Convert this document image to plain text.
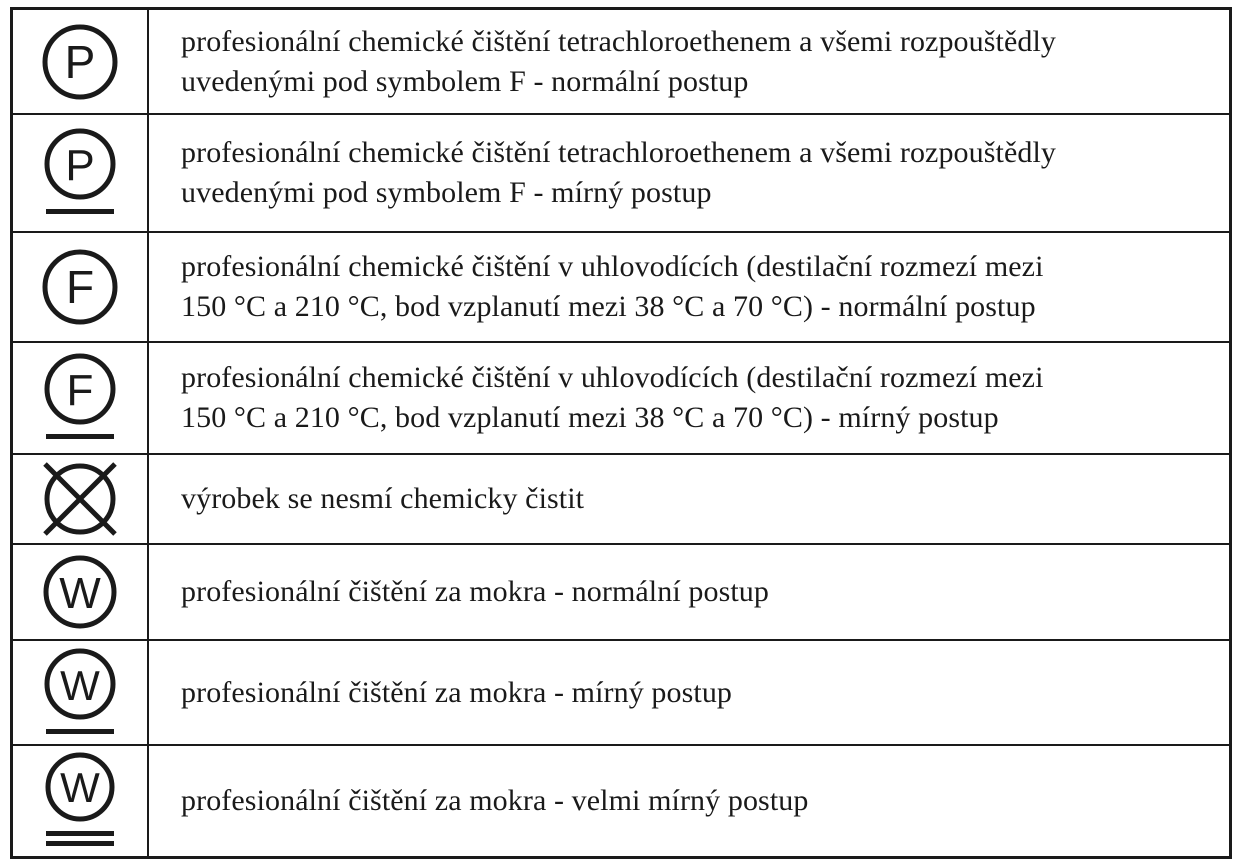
P	profesionální chemické čištění tetrachloroethenem a všemi rozpouštědly
uvedenými pod symbolem F - normální postup
P	profesionální chemické čištění tetrachloroethenem a všemi rozpouštědly
uvedenými pod symbolem F - mírný postup
F	profesionální chemické čištění v uhlovodících (destilační rozmezí mezi
150 °C a 210 °C, bod vzplanutí mezi 38 °C a 70 °C) - normální postup
F	profesionální chemické čištění v uhlovodících (destilační rozmezí mezi
150 °C a 210 °C, bod vzplanutí mezi 38 °C a 70 °C) - mírný postup
výrobek se nesmí chemicky čistit
W	profesionální čištění za mokra - normální postup
W	profesionální čištění za mokra - mírný postup
W	profesionální čištění za mokra - velmi mírný postup
